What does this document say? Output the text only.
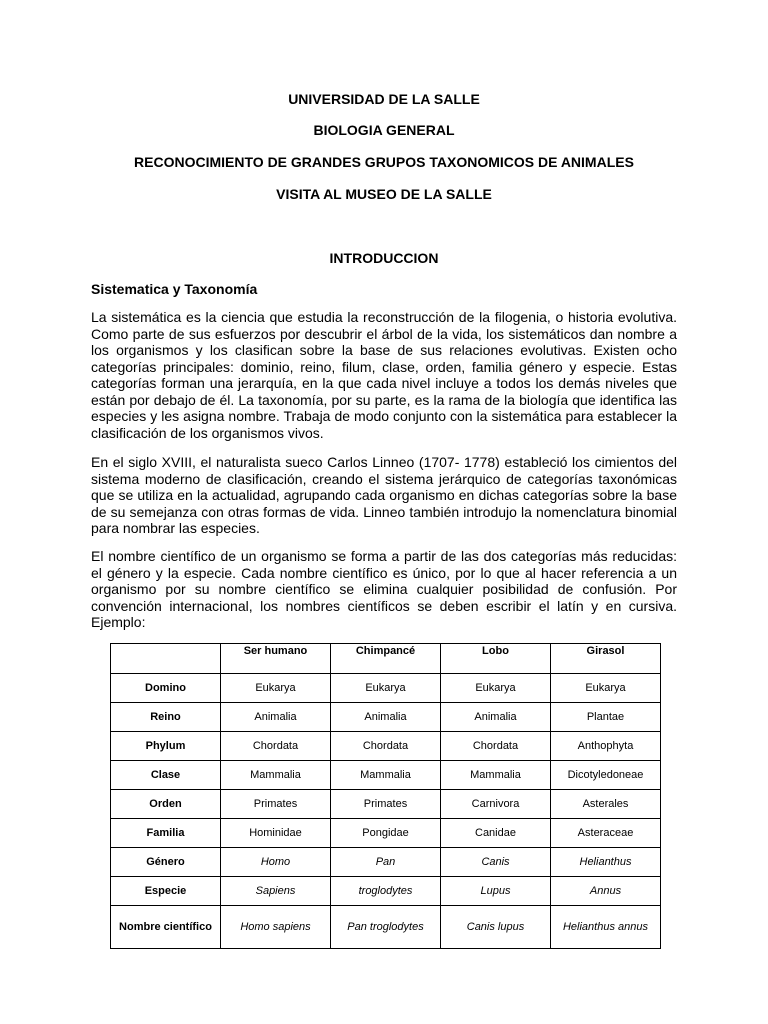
UNIVERSIDAD DE LA SALLE
BIOLOGIA GENERAL
RECONOCIMIENTO DE GRANDES GRUPOS TAXONOMICOS DE ANIMALES
VISITA AL MUSEO DE LA SALLE
INTRODUCCION
Sistematica y Taxonomía
La sistemática es la ciencia que estudia la reconstrucción de la filogenia, o historia evolutiva. Como parte de sus esfuerzos por descubrir el árbol de la vida, los sistemáticos dan nombre a los organismos y los clasifican sobre la base de sus relaciones evolutivas. Existen ocho categorías principales: dominio, reino, filum, clase, orden, familia género y especie. Estas categorías forman una jerarquía, en la que cada nivel incluye a todos los demás niveles que están por debajo de él. La taxonomía, por su parte, es la rama de la biología que identifica las especies y les asigna nombre. Trabaja de modo conjunto con la sistemática para establecer la clasificación de los organismos vivos.
En el siglo XVIII, el naturalista sueco Carlos Linneo (1707- 1778) estableció los cimientos del sistema moderno de clasificación, creando el sistema jerárquico de categorías taxonómicas que se utiliza en la actualidad, agrupando cada organismo en dichas categorías sobre la base de su semejanza con otras formas de vida. Linneo también introdujo la nomenclatura binomial para nombrar las especies.
El nombre científico de un organismo se forma a partir de las dos categorías más reducidas: el género y la especie. Cada nombre científico es único, por lo que al hacer referencia a un organismo por su nombre científico se elimina cualquier posibilidad de confusión. Por convención internacional, los nombres científicos se deben escribir el latín y en cursiva. Ejemplo:
	Ser humano	Chimpancé	Lobo	Girasol
Domino	Eukarya	Eukarya	Eukarya	Eukarya
Reino	Animalia	Animalia	Animalia	Plantae
Phylum	Chordata	Chordata	Chordata	Anthophyta
Clase	Mammalia	Mammalia	Mammalia	Dicotyledoneae
Orden	Primates	Primates	Carnivora	Asterales
Familia	Hominidae	Pongidae	Canidae	Asteraceae
Género	Homo	Pan	Canis	Helianthus
Especie	Sapiens	troglodytes	Lupus	Annus
Nombre científico	Homo sapiens	Pan troglodytes	Canis lupus	Helianthus annus
